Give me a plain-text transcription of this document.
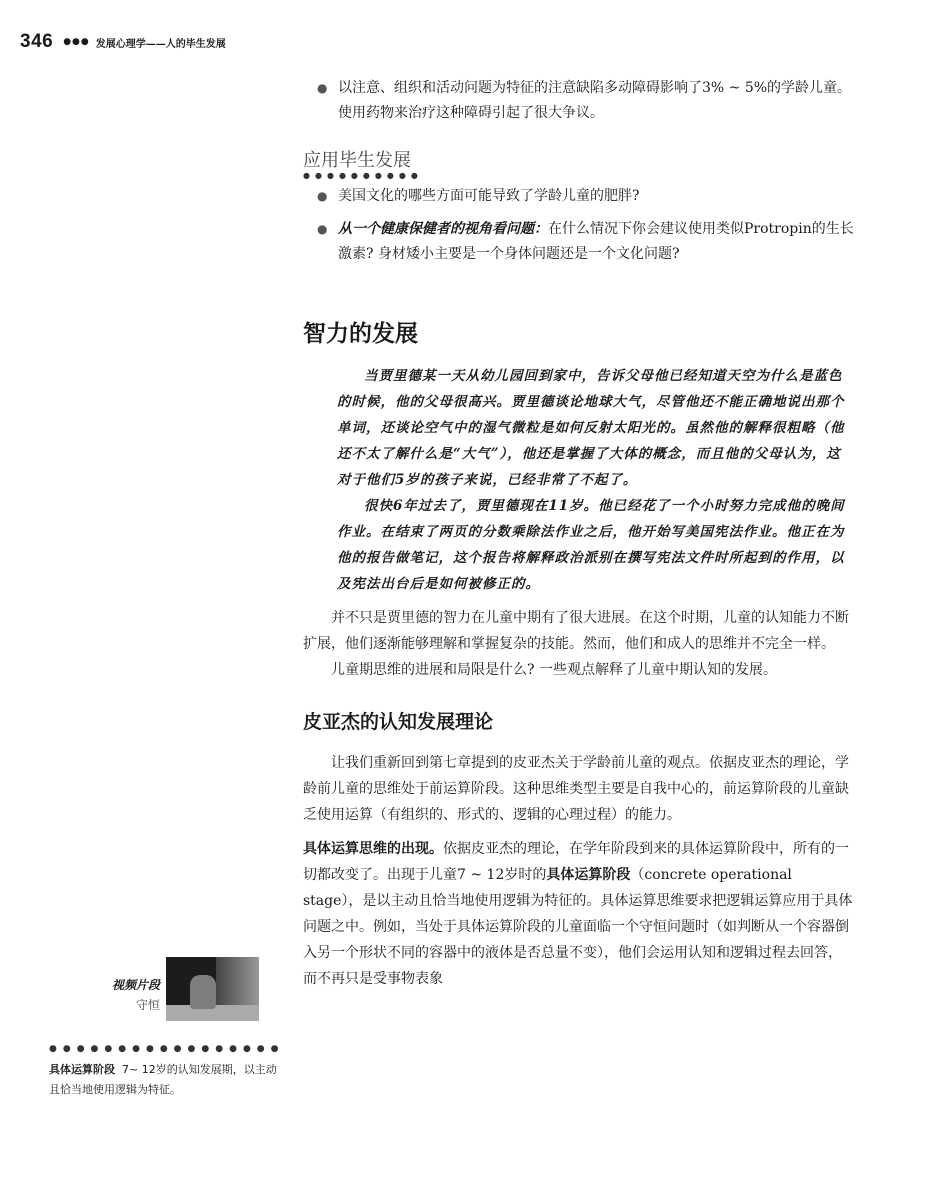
346 ●●● 发展心理学——人的毕生发展
● 以注意、组织和活动问题为特征的注意缺陷多动障碍影响了3% ~ 5%的学龄儿童。使用药物来治疗这种障碍引起了很大争议。
应用毕生发展
●●●●●●●●●●
● 美国文化的哪些方面可能导致了学龄儿童的肥胖?
● 从一个健康保健者的视角看问题：在什么情况下你会建议使用类似Protropin的生长激素? 身材矮小主要是一个身体问题还是一个文化问题?
智力的发展

当贾里德某一天从幼儿园回到家中，告诉父母他已经知道天空为什么是蓝色的时候，他的父母很高兴。贾里德谈论地球大气，尽管他还不能正确地说出那个单词，还谈论空气中的湿气微粒是如何反射太阳光的。虽然他的解释很粗略（他还不太了解什么是“大气”），他还是掌握了大体的概念，而且他的父母认为，这对于他们5岁的孩子来说，已经非常了不起了。

很快6年过去了，贾里德现在11岁。他已经花了一个小时努力完成他的晚间作业。在结束了两页的分数乘除法作业之后，他开始写美国宪法作业。他正在为他的报告做笔记，这个报告将解释政治派别在撰写宪法文件时所起到的作用，以及宪法出台后是如何被修正的。

并不只是贾里德的智力在儿童中期有了很大进展。在这个时期，儿童的认知能力不断扩展，他们逐渐能够理解和掌握复杂的技能。然而，他们和成人的思维并不完全一样。

儿童期思维的进展和局限是什么? 一些观点解释了儿童中期认知的发展。

皮亚杰的认知发展理论

让我们重新回到第七章提到的皮亚杰关于学龄前儿童的观点。依据皮亚杰的理论，学龄前儿童的思维处于前运算阶段。这种思维类型主要是自我中心的，前运算阶段的儿童缺乏使用运算（有组织的、形式的、逻辑的心理过程）的能力。

具体运算思维的出现。依据皮亚杰的理论，在学年阶段到来的具体运算阶段中，所有的一切都改变了。出现于儿童7 ~ 12岁时的具体运算阶段（concrete operational stage），是以主动且恰当地使用逻辑为特征的。具体运算思维要求把逻辑运算应用于具体问题之中。例如，当处于具体运算阶段的儿童面临一个守恒问题时（如判断从一个容器倒入另一个形状不同的容器中的液体是否总量不变），他们会运用认知和逻辑过程去回答，而不再只是受事物表象

视频片段
守恒
●●●●●●●●●●●●●●●●●
具体运算阶段 7~ 12岁的认知发展期，以主动且恰当地使用逻辑为特征。
